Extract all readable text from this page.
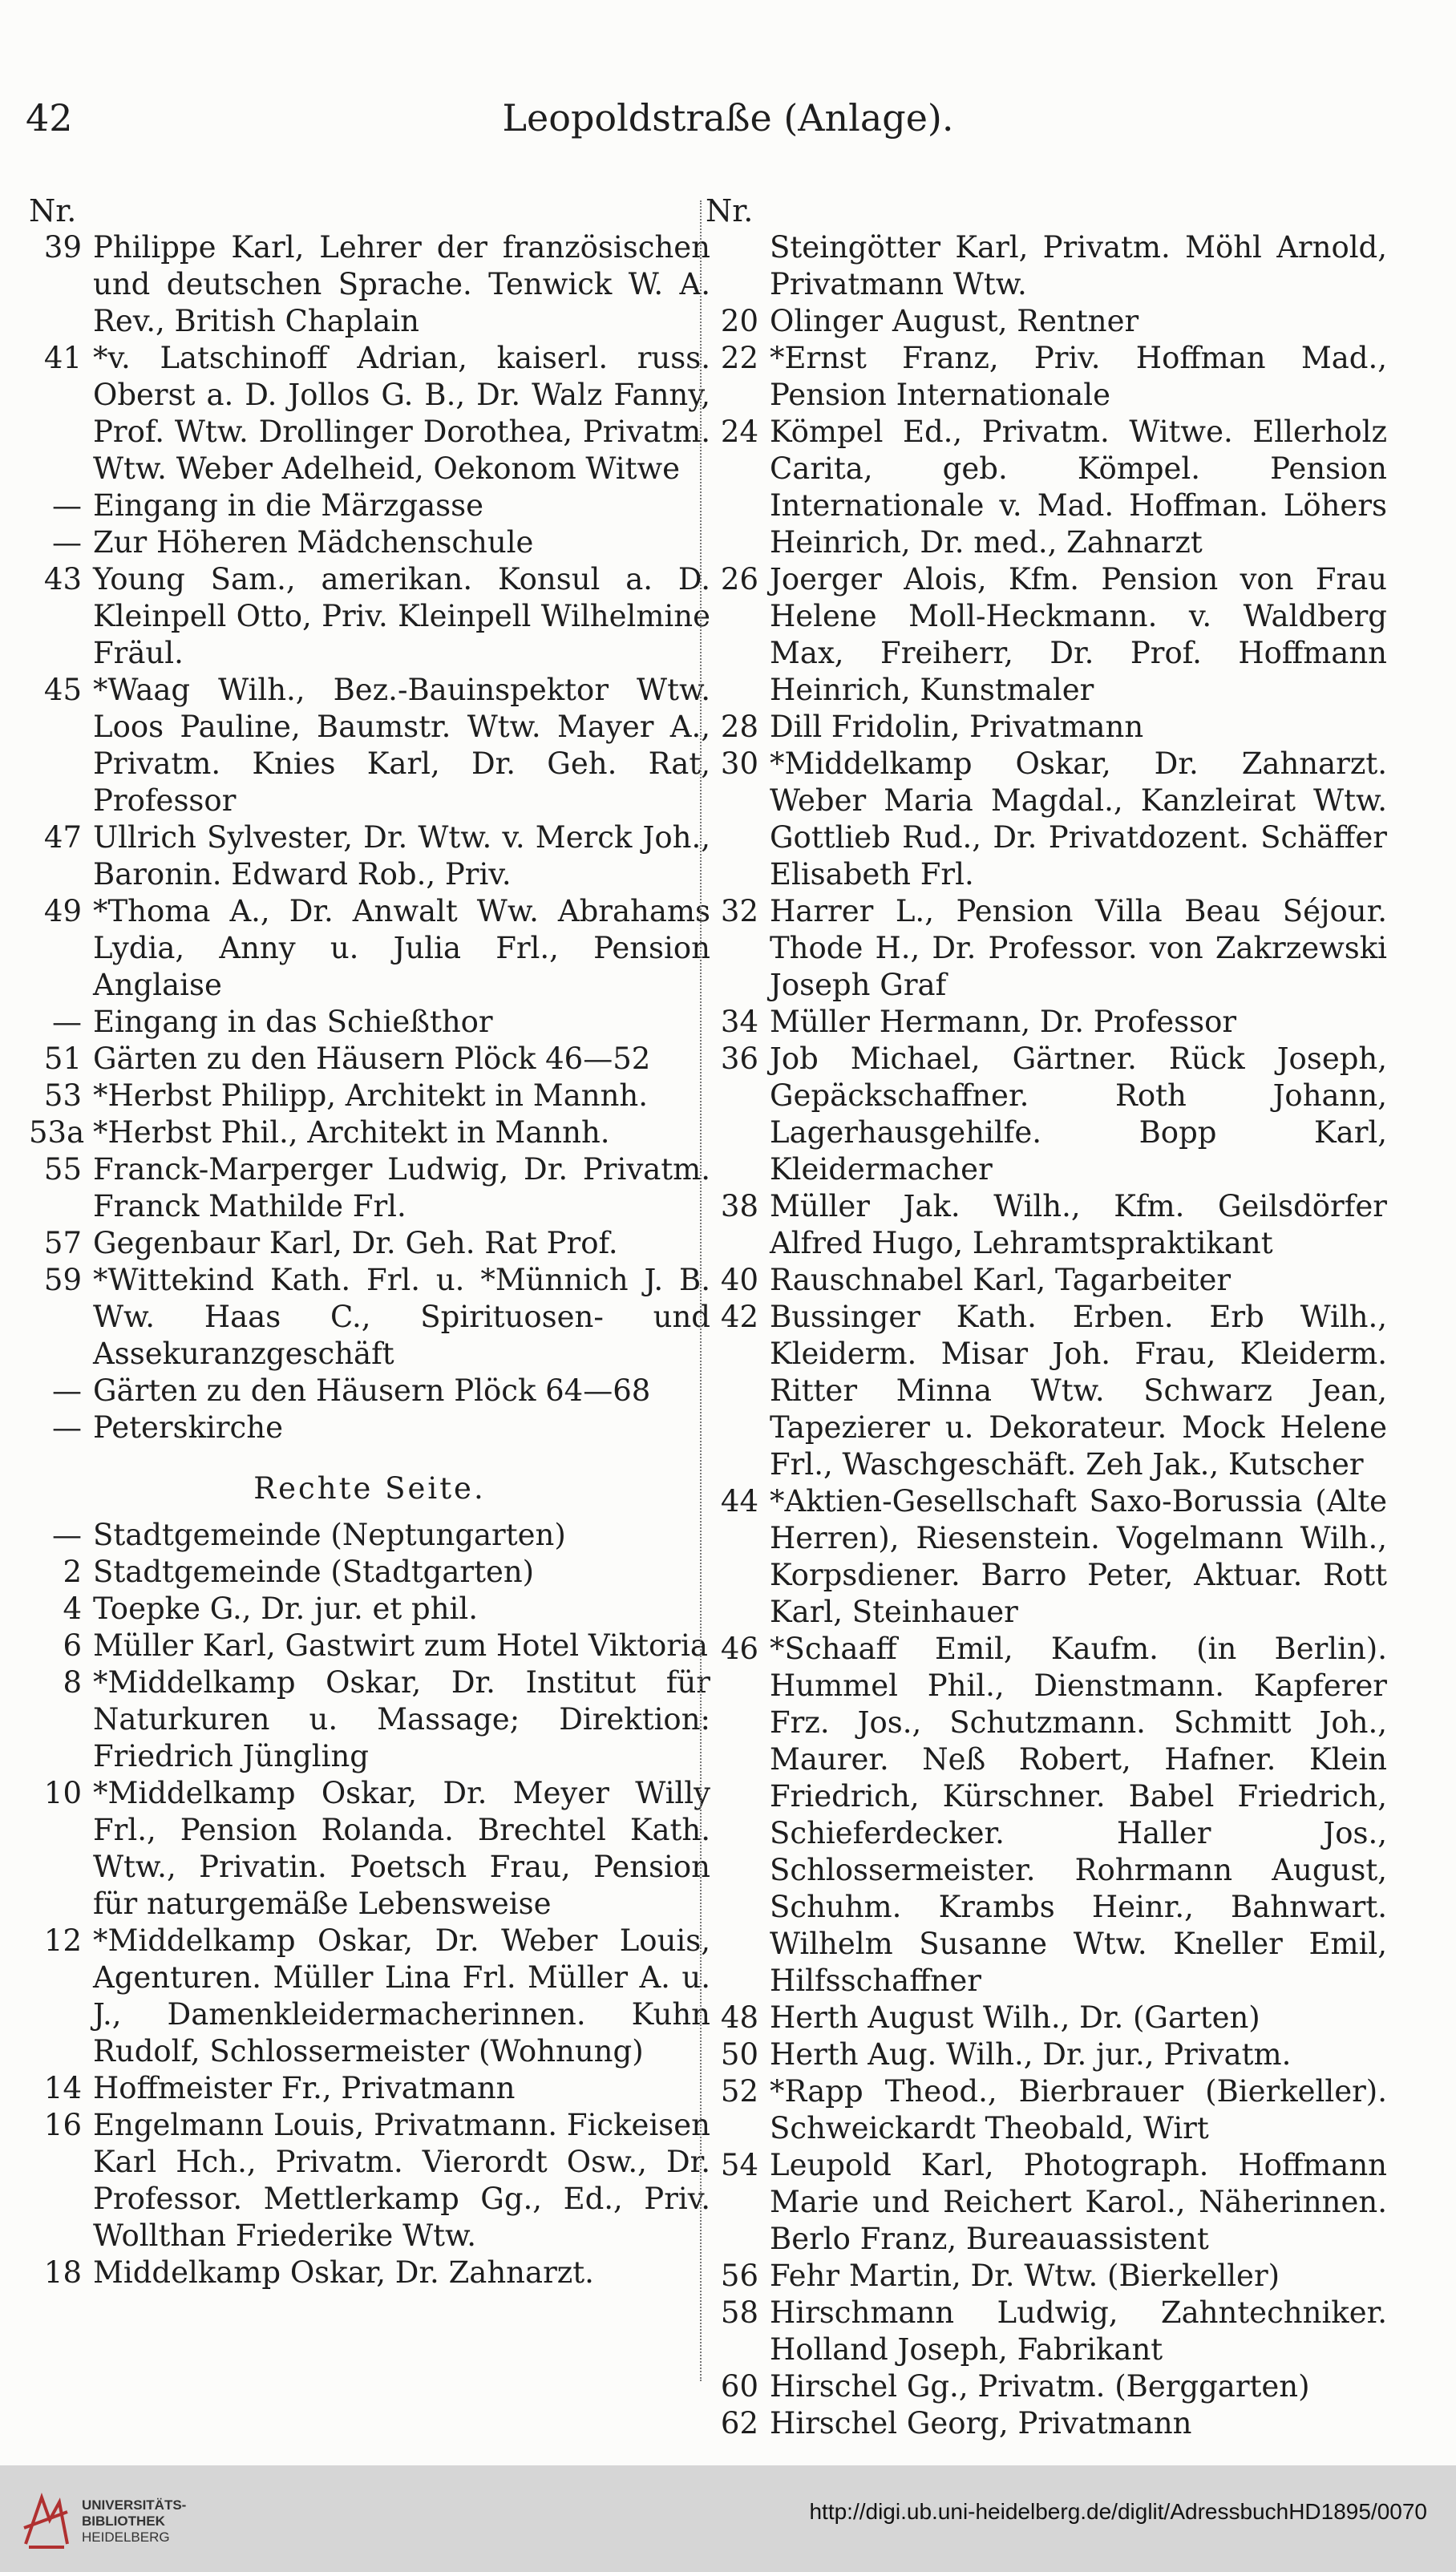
Leopoldstraße (Anlage).
42
Nr.
39 Philippe Karl, Lehrer der französischen und deutschen Sprache. Tenwick W. A. Rev., British Chaplain
41 *v. Latschinoff Adrian, kaiserl. russ. Oberst a. D. Jollos G. B., Dr. Walz Fanny, Prof. Wtw. Drollinger Dorothea, Privatm. Wtw. Weber Adelheid, Oekonom Witwe
— Eingang in die Märzgasse
— Zur Höheren Mädchenschule
43 Young Sam., amerikan. Konsul a. D. Kleinpell Otto, Priv. Kleinpell Wilhelmine Fräul.
45 *Waag Wilh., Bez.-Bauinspektor Wtw. Loos Pauline, Baumstr. Wtw. Mayer A., Privatm. Knies Karl, Dr. Geh. Rat, Professor
47 Ullrich Sylvester, Dr. Wtw. v. Merck Joh., Baronin. Edward Rob., Priv.
49 *Thoma A., Dr. Anwalt Ww. Abrahams Lydia, Anny u. Julia Frl., Pension Anglaise
— Eingang in das Schießthor
51 Gärten zu den Häusern Plöck 46—52
53 *Herbst Philipp, Architekt in Mannh.
53a *Herbst Phil., Architekt in Mannh.
55 Franck-Marperger Ludwig, Dr. Privatm. Franck Mathilde Frl.
57 Gegenbaur Karl, Dr. Geh. Rat Prof.
59 *Wittekind Kath. Frl. u. *Münnich J. B. Ww. Haas C., Spirituosen- und Assekuranzgeschäft
— Gärten zu den Häusern Plöck 64—68
— Peterskirche
Rechte Seite.
— Stadtgemeinde (Neptungarten)
2 Stadtgemeinde (Stadtgarten)
4 Toepke G., Dr. jur. et phil.
6 Müller Karl, Gastwirt zum Hotel Viktoria
8 *Middelkamp Oskar, Dr. Institut für Naturkuren u. Massage; Direktion: Friedrich Jüngling
10 *Middelkamp Oskar, Dr. Meyer Willy Frl., Pension Rolanda. Brechtel Kath. Wtw., Privatin. Poetsch Frau, Pension für naturgemäße Lebensweise
12 *Middelkamp Oskar, Dr. Weber Louis, Agenturen. Müller Lina Frl. Müller A. u. J., Damenkleidermacherinnen. Kuhn Rudolf, Schlossermeister (Wohnung)
14 Hoffmeister Fr., Privatmann
16 Engelmann Louis, Privatmann. Fickeisen Karl Hch., Privatm. Vierordt Osw., Dr. Professor. Mettlerkamp Gg., Ed., Priv. Wollthan Friederike Wtw.
18 Middelkamp Oskar, Dr. Zahnarzt.
Nr.
Steingötter Karl, Privatm. Möhl Arnold, Privatmann Wtw.
20 Olinger August, Rentner
22 *Ernst Franz, Priv. Hoffman Mad., Pension Internationale
24 Kömpel Ed., Privatm. Witwe. Ellerholz Carita, geb. Kömpel. Pension Internationale v. Mad. Hoffman. Löhers Heinrich, Dr. med., Zahnarzt
26 Joerger Alois, Kfm. Pension von Frau Helene Moll-Heckmann. v. Waldberg Max, Freiherr, Dr. Prof. Hoffmann Heinrich, Kunstmaler
28 Dill Fridolin, Privatmann
30 *Middelkamp Oskar, Dr. Zahnarzt. Weber Maria Magdal., Kanzleirat Wtw. Gottlieb Rud., Dr. Privatdozent. Schäffer Elisabeth Frl.
32 Harrer L., Pension Villa Beau Séjour. Thode H., Dr. Professor. von Zakrzewski Joseph Graf
34 Müller Hermann, Dr. Professor
36 Job Michael, Gärtner. Rück Joseph, Gepäckschaffner. Roth Johann, Lagerhausgehilfe. Bopp Karl, Kleidermacher
38 Müller Jak. Wilh., Kfm. Geilsdörfer Alfred Hugo, Lehramtspraktikant
40 Rauschnabel Karl, Tagarbeiter
42 Bussinger Kath. Erben. Erb Wilh., Kleiderm. Misar Joh. Frau, Kleiderm. Ritter Minna Wtw. Schwarz Jean, Tapezierer u. Dekorateur. Mock Helene Frl., Waschgeschäft. Zeh Jak., Kutscher
44 *Aktien-Gesellschaft Saxo-Borussia (Alte Herren), Riesenstein. Vogelmann Wilh., Korpsdiener. Barro Peter, Aktuar. Rott Karl, Steinhauer
46 *Schaaff Emil, Kaufm. (in Berlin). Hummel Phil., Dienstmann. Kapferer Frz. Jos., Schutzmann. Schmitt Joh., Maurer. Neß Robert, Hafner. Klein Friedrich, Kürschner. Babel Friedrich, Schieferdecker. Haller Jos., Schlossermeister. Rohrmann August, Schuhm. Krambs Heinr., Bahnwart. Wilhelm Susanne Wtw. Kneller Emil, Hilfsschaffner
48 Herth August Wilh., Dr. (Garten)
50 Herth Aug. Wilh., Dr. jur., Privatm.
52 *Rapp Theod., Bierbrauer (Bierkeller). Schweickardt Theobald, Wirt
54 Leupold Karl, Photograph. Hoffmann Marie und Reichert Karol., Näherinnen. Berlo Franz, Bureauassistent
56 Fehr Martin, Dr. Wtw. (Bierkeller)
58 Hirschmann Ludwig, Zahntechniker. Holland Joseph, Fabrikant
60 Hirschel Gg., Privatm. (Berggarten)
62 Hirschel Georg, Privatmann
UNIVERSITÄTS-
BIBLIOTHEK
HEIDELBERG
http://digi.ub.uni-heidelberg.de/diglit/AdressbuchHD1895/0070
